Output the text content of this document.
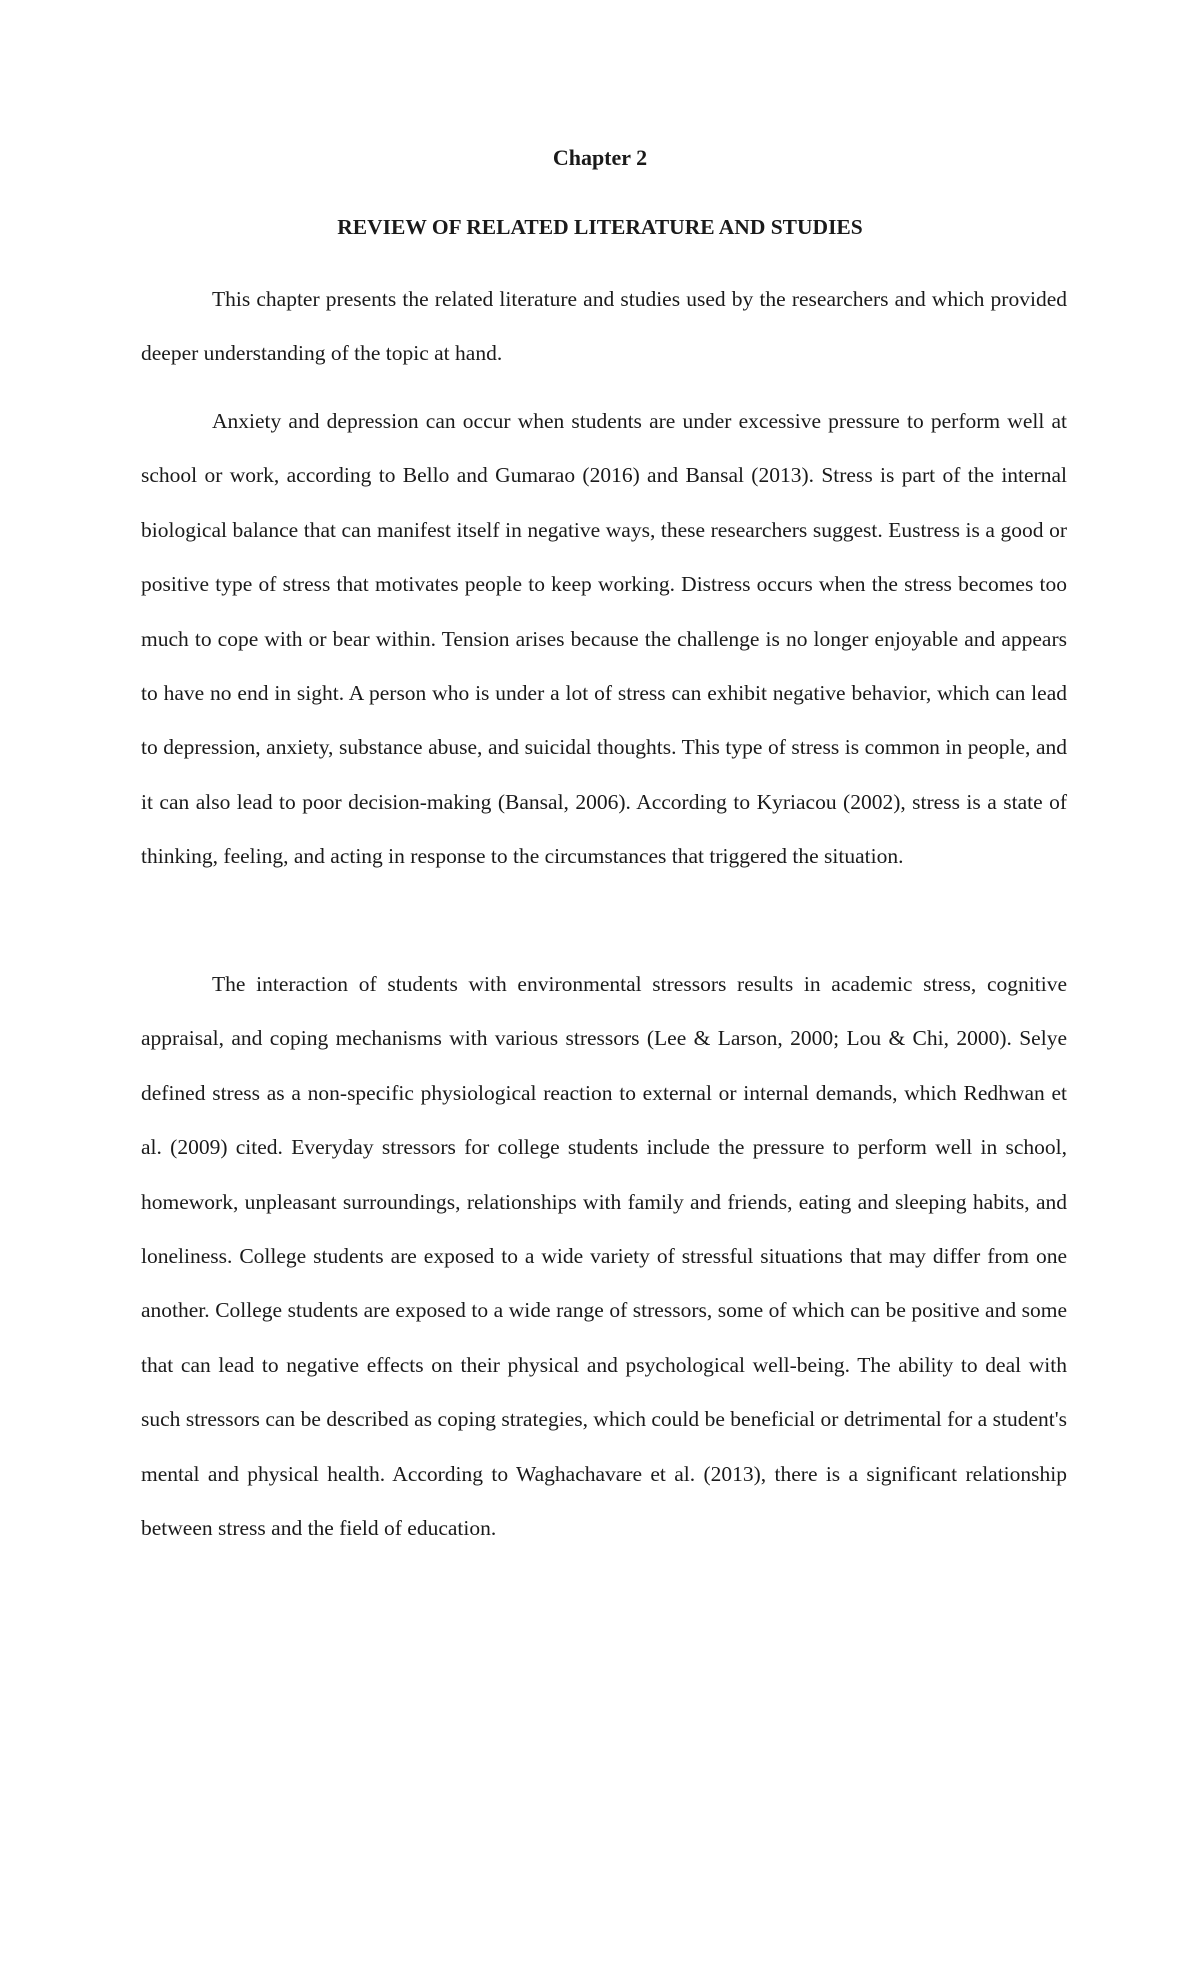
Chapter 2
REVIEW OF RELATED LITERATURE AND STUDIES

This chapter presents the related literature and studies used by the researchers and which provided deeper understanding of the topic at hand.

Anxiety and depression can occur when students are under excessive pressure to perform well at school or work, according to Bello and Gumarao (2016) and Bansal (2013). Stress is part of the internal biological balance that can manifest itself in negative ways, these researchers suggest. Eustress is a good or positive type of stress that motivates people to keep working. Distress occurs when the stress becomes too much to cope with or bear within. Tension arises because the challenge is no longer enjoyable and appears to have no end in sight. A person who is under a lot of stress can exhibit negative behavior, which can lead to depression, anxiety, substance abuse, and suicidal thoughts. This type of stress is common in people, and it can also lead to poor decision-making (Bansal, 2006). According to Kyriacou (2002), stress is a state of thinking, feeling, and acting in response to the circumstances that triggered the situation.

The interaction of students with environmental stressors results in academic stress, cognitive appraisal, and coping mechanisms with various stressors (Lee & Larson, 2000; Lou & Chi, 2000). Selye defined stress as a non-specific physiological reaction to external or internal demands, which Redhwan et al. (2009) cited. Everyday stressors for college students include the pressure to perform well in school, homework, unpleasant surroundings, relationships with family and friends, eating and sleeping habits, and loneliness. College students are exposed to a wide variety of stressful situations that may differ from one another. College students are exposed to a wide range of stressors, some of which can be positive and some that can lead to negative effects on their physical and psychological well-being. The ability to deal with such stressors can be described as coping strategies, which could be beneficial or detrimental for a student's mental and physical health. According to Waghachavare et al. (2013), there is a significant relationship between stress and the field of education.
